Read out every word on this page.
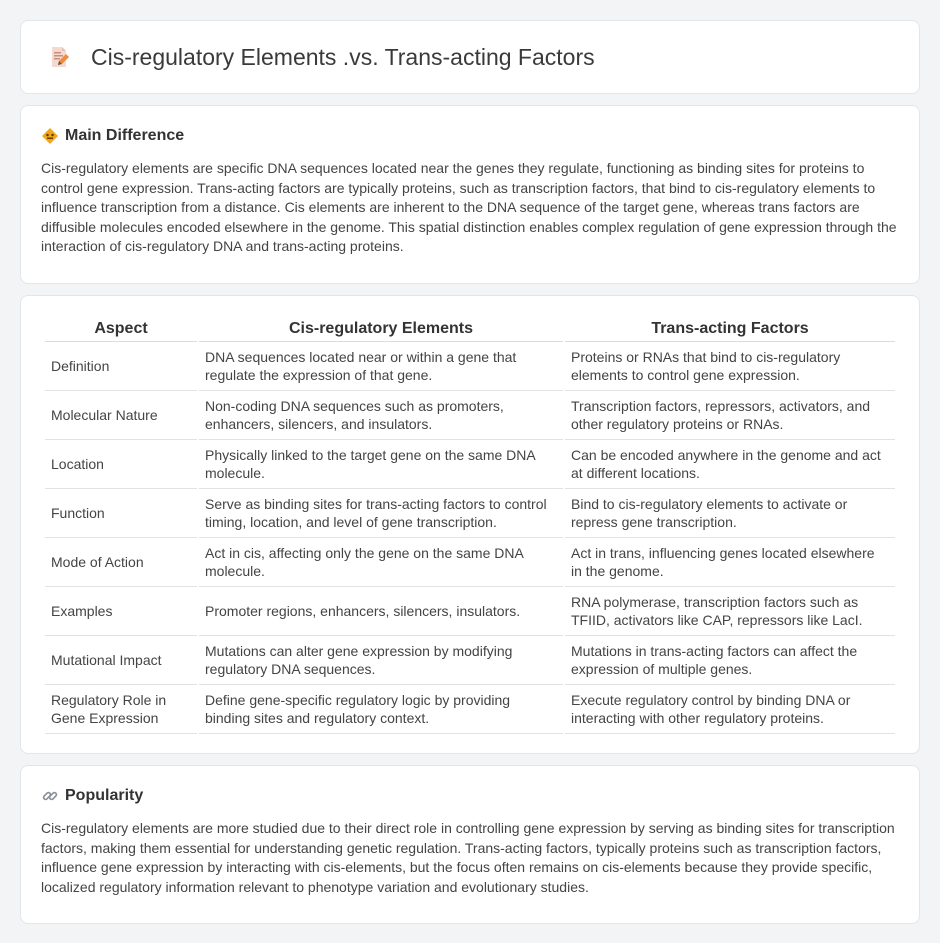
Cis-regulatory Elements .vs. Trans-acting Factors
Main Difference

Cis-regulatory elements are specific DNA sequences located near the genes they regulate, functioning as binding sites for proteins to control gene expression. Trans-acting factors are typically proteins, such as transcription factors, that bind to cis-regulatory elements to influence transcription from a distance. Cis elements are inherent to the DNA sequence of the target gene, whereas trans factors are diffusible molecules encoded elsewhere in the genome. This spatial distinction enables complex regulation of gene expression through the interaction of cis-regulatory DNA and trans-acting proteins.

Aspect	Cis-regulatory Elements	Trans-acting Factors
Definition	DNA sequences located near or within a gene that regulate the expression of that gene.	Proteins or RNAs that bind to cis-regulatory elements to control gene expression.
Molecular Nature	Non-coding DNA sequences such as promoters, enhancers, silencers, and insulators.	Transcription factors, repressors, activators, and other regulatory proteins or RNAs.
Location	Physically linked to the target gene on the same DNA molecule.	Can be encoded anywhere in the genome and act at different locations.
Function	Serve as binding sites for trans-acting factors to control timing, location, and level of gene transcription.	Bind to cis-regulatory elements to activate or repress gene transcription.
Mode of Action	Act in cis, affecting only the gene on the same DNA molecule.	Act in trans, influencing genes located elsewhere in the genome.
Examples	Promoter regions, enhancers, silencers, insulators.	RNA polymerase, transcription factors such as TFIID, activators like CAP, repressors like LacI.
Mutational Impact	Mutations can alter gene expression by modifying regulatory DNA sequences.	Mutations in trans-acting factors can affect the expression of multiple genes.
Regulatory Role in Gene Expression	Define gene-specific regulatory logic by providing binding sites and regulatory context.	Execute regulatory control by binding DNA or interacting with other regulatory proteins.
Popularity

Cis-regulatory elements are more studied due to their direct role in controlling gene expression by serving as binding sites for transcription factors, making them essential for understanding genetic regulation. Trans-acting factors, typically proteins such as transcription factors, influence gene expression by interacting with cis-elements, but the focus often remains on cis-elements because they provide specific, localized regulatory information relevant to phenotype variation and evolutionary studies.
